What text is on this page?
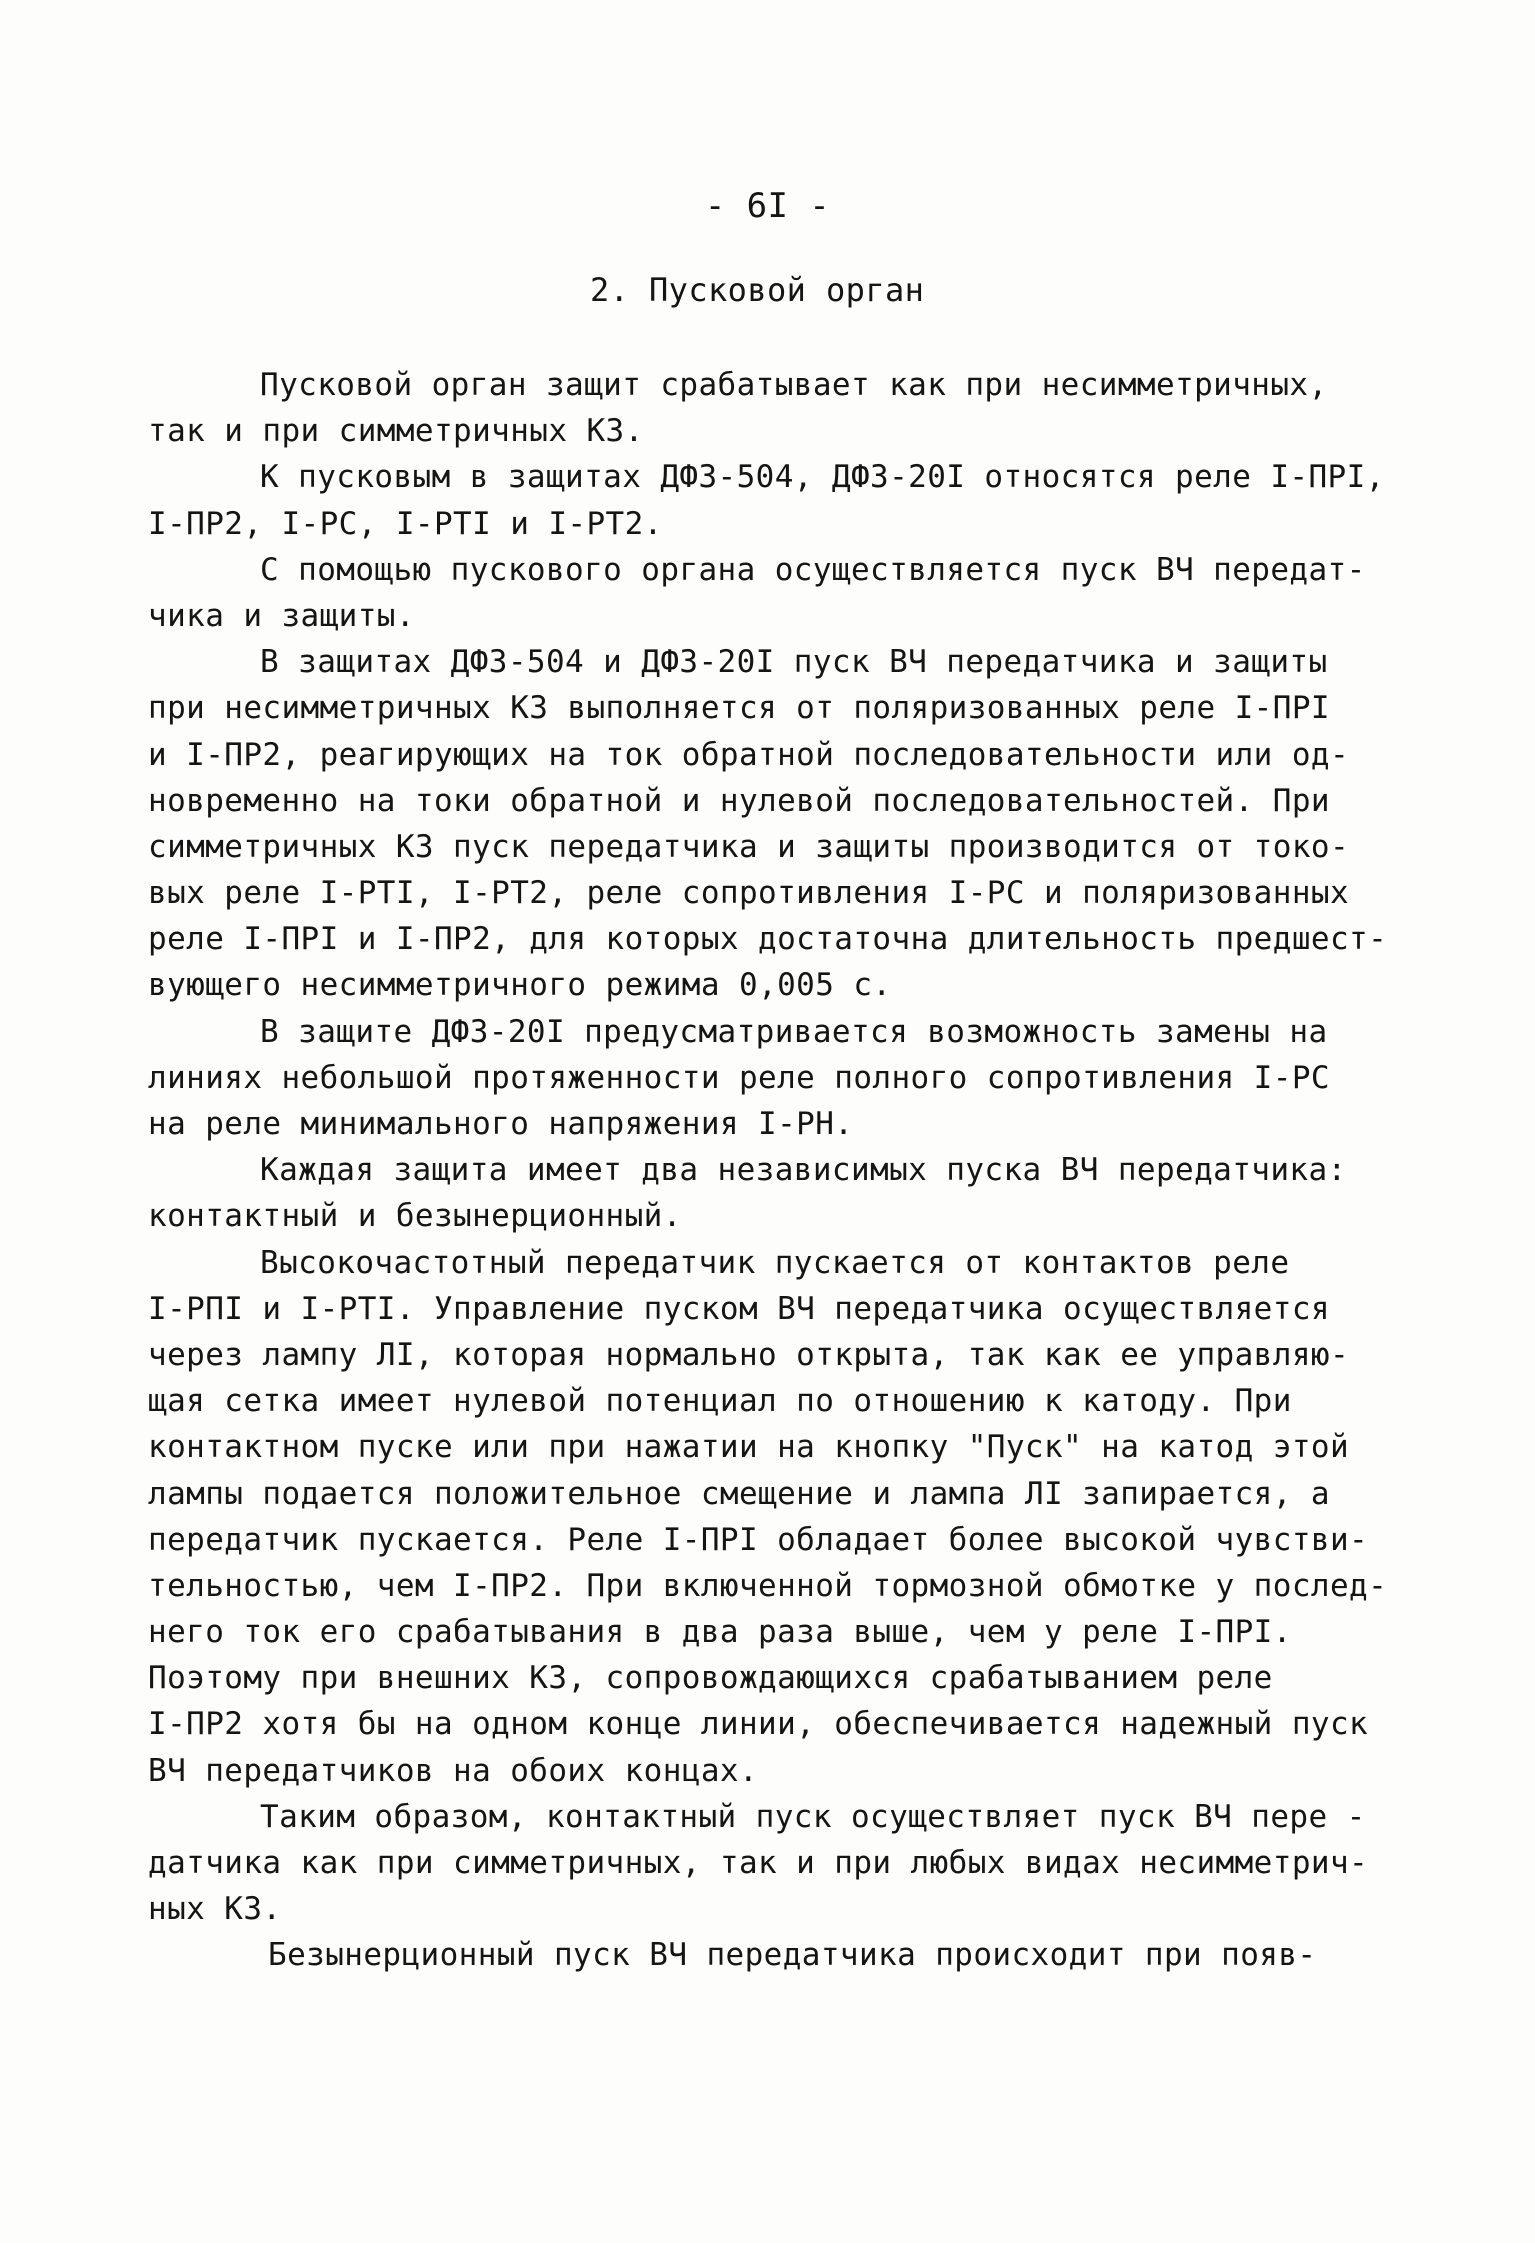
- 6I -
2. Пусковой орган
Пусковой орган защит срабатывает как при несимметричных,
так и при симметричных КЗ.
К пусковым в защитах ДФЗ-504, ДФЗ-20I относятся реле I-ПРI,
I-ПР2, I-РС, I-РТI и I-РТ2.
С помощью пускового органа осуществляется пуск ВЧ передат-
чика и защиты.
В защитах ДФЗ-504 и ДФЗ-20I пуск ВЧ передатчика и защиты
при несимметричных КЗ выполняется от поляризованных реле I-ПРI
и I-ПР2, реагирующих на ток обратной последовательности или од-
новременно на токи обратной и нулевой последовательностей. При
симметричных КЗ пуск передатчика и защиты производится от токо-
вых реле I-РТI, I-РТ2, реле сопротивления I-РС и поляризованных
реле I-ПРI и I-ПР2, для которых достаточна длительность предшест-
вующего несимметричного режима 0,005 с.
В защите ДФЗ-20I предусматривается возможность замены на
линиях небольшой протяженности реле полного сопротивления I-РС
на реле минимального напряжения I-РН.
Каждая защита имеет два независимых пуска ВЧ передатчика:
контактный и безынерционный.
Высокочастотный передатчик пускается от контактов реле
I-РПI и I-РТI. Управление пуском ВЧ передатчика осуществляется
через лампу ЛI, которая нормально открыта, так как ее управляю-
щая сетка имеет нулевой потенциал по отношению к катоду. При
контактном пуске или при нажатии на кнопку "Пуск" на катод этой
лампы подается положительное смещение и лампа ЛI запирается, а
передатчик пускается. Реле I-ПРI обладает более высокой чувстви-
тельностью, чем I-ПР2. При включенной тормозной обмотке у послед-
него ток его срабатывания в два раза выше, чем у реле I-ПРI.
Поэтому при внешних КЗ, сопровождающихся срабатыванием реле
I-ПР2 хотя бы на одном конце линии, обеспечивается надежный пуск
ВЧ передатчиков на обоих концах.
Таким образом, контактный пуск осуществляет пуск ВЧ пере -
датчика как при симметричных, так и при любых видах несимметрич-
ных КЗ.
Безынерционный пуск ВЧ передатчика происходит при появ-
